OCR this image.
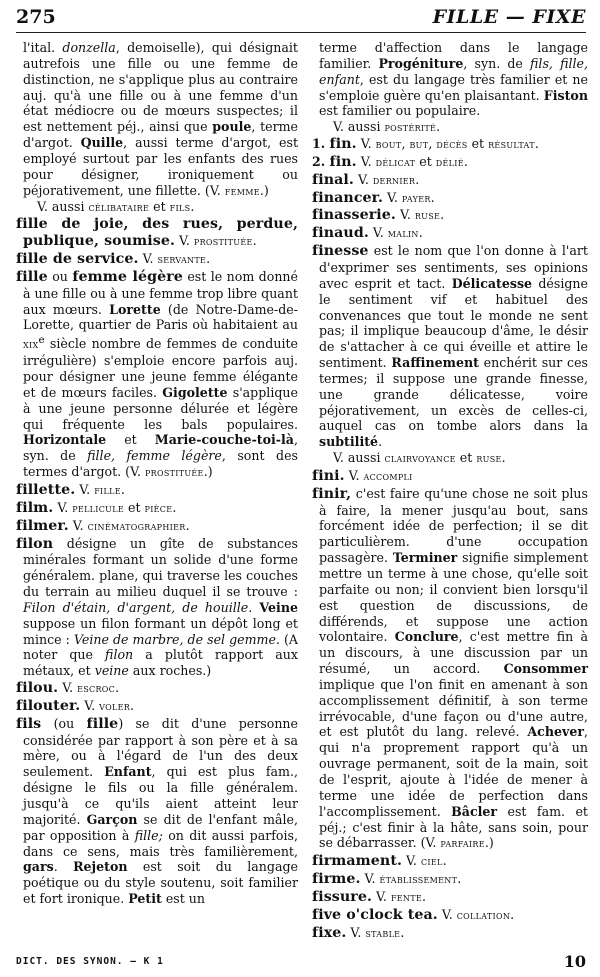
275	FILLE — FIXE

l'ital. donzella, demoiselle), qui désignait autrefois une fille ou une femme de distinction, ne s'applique plus au contraire auj. qu'à une fille ou à une femme d'un état médiocre ou de mœurs suspectes; il est nettement péj., ainsi que poule, terme d'argot. Quille, aussi terme d'argot, est employé surtout par les enfants des rues pour désigner, ironiquement ou péjorativement, une fillette. (V. femme.)
V. aussi célibataire et fils.

fille de joie, des rues, perdue, publique, soumise. V. prostituée.

fille de service. V. servante.

fille ou femme légère est le nom donné à une fille ou à une femme trop libre quant aux mœurs. Lorette (de Notre-Dame-de-Lorette, quartier de Paris où habitaient au xix$^e$ siècle nombre de femmes de conduite irrégulière) s'emploie encore parfois auj. pour désigner une jeune femme élégante et de mœurs faciles. Gigolette s'applique à une jeune personne délurée et légère qui fréquente les bals populaires. Horizontale et Marie-couche-toi-là, syn. de fille, femme légère, sont des termes d'argot. (V. prostituée.)

fillette. V. fille.

film. V. pellicule et pièce.

filmer. V. cinématographier.

filon désigne un gîte de substances minérales formant un solide d'une forme généralem. plane, qui traverse les couches du terrain au milieu duquel il se trouve : Filon d'étain, d'argent, de houille. Veine suppose un filon formant un dépôt long et mince : Veine de marbre, de sel gemme. (A noter que filon a plutôt rapport aux métaux, et veine aux roches.)

filou. V. escroc.

filouter. V. voler.

fils (ou fille) se dit d'une personne considérée par rapport à son père et à sa mère, ou à l'égard de l'un des deux seulement. Enfant, qui est plus fam., désigne le fils ou la fille généralem. jusqu'à ce qu'ils aient atteint leur majorité. Garçon se dit de l'enfant mâle, par opposition à fille; on dit aussi parfois, dans ce sens, mais très familièrement, gars. Rejeton est soit du langage poétique ou du style soutenu, soit familier et fort ironique. Petit est un

terme d'affection dans le langage familier. Progéniture, syn. de fils, fille, enfant, est du langage très familier et ne s'emploie guère qu'en plaisantant. Fiston est familier ou populaire.
V. aussi postérité.

1. fin. V. bout, but, décès et résultat.

2. fin. V. délicat et délié.

final. V. dernier.

financer. V. payer.

finasserie. V. ruse.

finaud. V. malin.

finesse est le nom que l'on donne à l'art d'exprimer ses sentiments, ses opinions avec esprit et tact. Délicatesse désigne le sentiment vif et habituel des convenances que tout le monde ne sent pas; il implique beaucoup d'âme, le désir de s'attacher à ce qui éveille et attire le sentiment. Raffinement enchérit sur ces termes; il suppose une grande finesse, une grande délicatesse, voire péjorativement, un excès de celles-ci, auquel cas on tombe alors dans la subtilité.
V. aussi clairvoyance et ruse.

fini. V. accompli

finir, c'est faire qu'une chose ne soit plus à faire, la mener jusqu'au bout, sans forcément idée de perfection; il se dit particulièrem. d'une occupation passagère. Terminer signifie simplement mettre un terme à une chose, qu'elle soit parfaite ou non; il convient bien lorsqu'il est question de discussions, de différends, et suppose une action volontaire. Conclure, c'est mettre fin à un discours, à une discussion par un résumé, un accord. Consommer implique que l'on finit en amenant à son accomplissement définitif, à son terme irrévocable, d'une façon ou d'une autre, et est plutôt du lang. relevé. Achever, qui n'a proprement rapport qu'à un ouvrage permanent, soit de la main, soit de l'esprit, ajoute à l'idée de mener à terme une idée de perfection dans l'accomplissement. Bâcler est fam. et péj.; c'est finir à la hâte, sans soin, pour se débarrasser. (V. parfaire.)

firmament. V. ciel.

firme. V. établissement.

fissure. V. fente.

five o'clock tea. V. collation.

fixe. V. stable.

DICT. DES SYNON. — K 1	10
